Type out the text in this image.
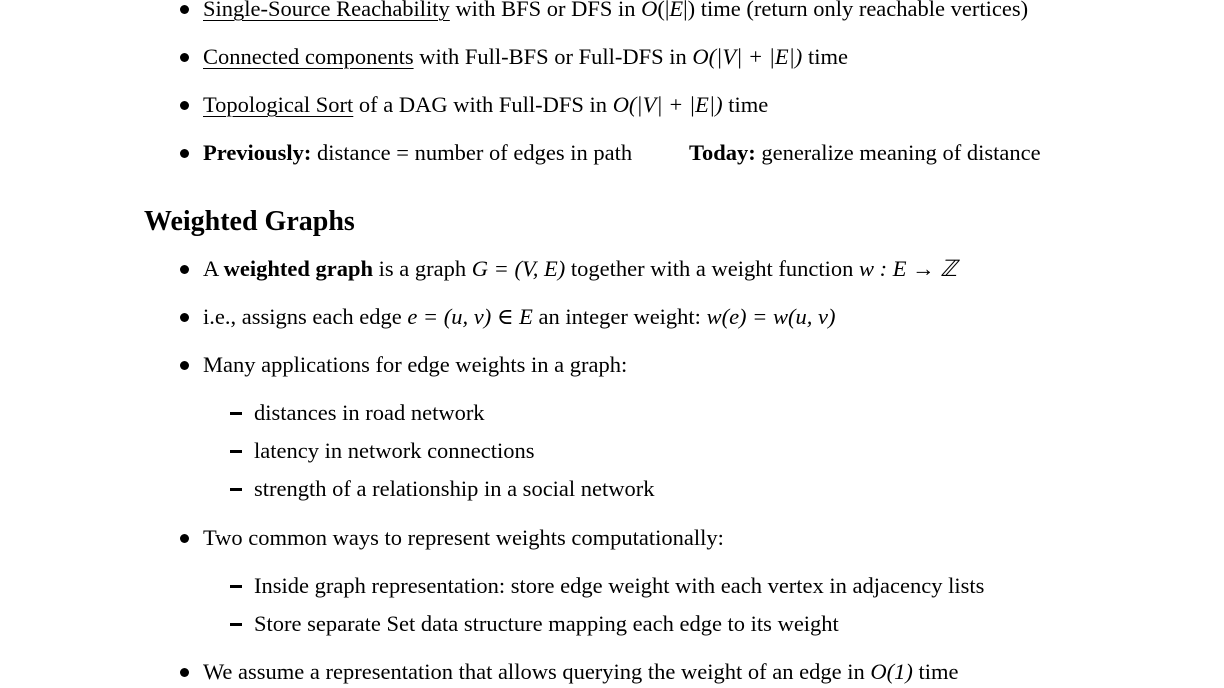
Single-Source Reachability with BFS or DFS in O(|E|) time (return only reachable vertices)
Connected components with Full-BFS or Full-DFS in O(|V| + |E|) time
Topological Sort of a DAG with Full-DFS in O(|V| + |E|) time
Previously: distance = number of edges in path	Today: generalize meaning of distance
Weighted Graphs
A weighted graph is a graph G = (V, E) together with a weight function w : E → ℤ
i.e., assigns each edge e = (u, v) ∈ E an integer weight: w(e) = w(u, v)
Many applications for edge weights in a graph:
distances in road network
latency in network connections
strength of a relationship in a social network
Two common ways to represent weights computationally:
Inside graph representation: store edge weight with each vertex in adjacency lists
Store separate Set data structure mapping each edge to its weight
We assume a representation that allows querying the weight of an edge in O(1) time
